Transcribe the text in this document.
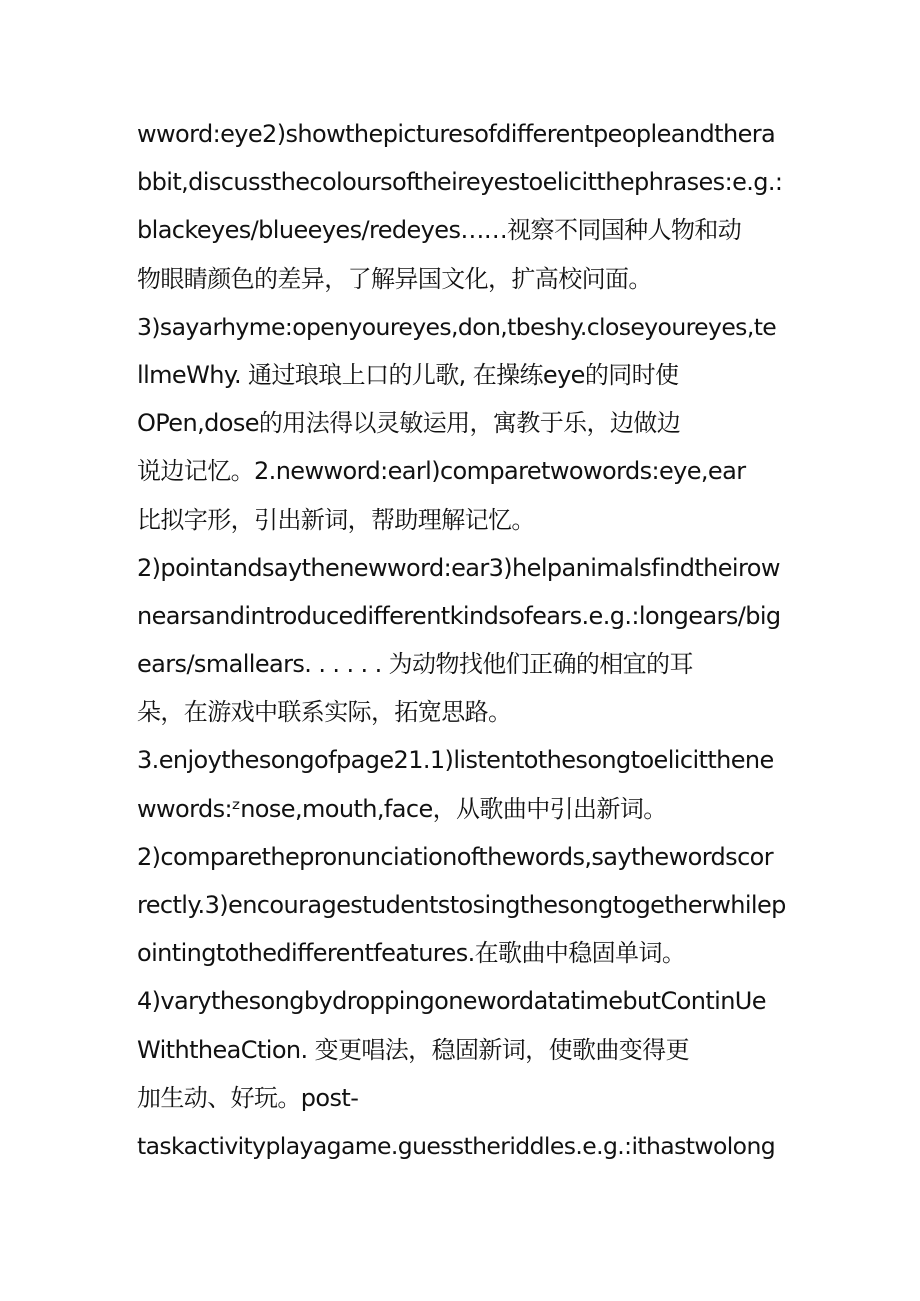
wword:eye2)showthepicturesofdifferentpeopleandthera
bbit,discussthecoloursoftheireyestoelicitthephrases:e.g.:
blackeyes/blueeyes/redeyes……视察不同国种人物和动
物眼睛颜色的差异，了解异国文化，扩高校问面。
3)sayarhyme:openyoureyes,don,tbeshy.closeyoureyes,te
llmeWhy. 通过琅琅上口的儿歌, 在操练eye的同时使
OPen,dose的用法得以灵敏运用，寓教于乐，边做边
说边记忆。2.newword:earl)comparetwowords:eye,ear
比拟字形，引出新词，帮助理解记忆。
2)pointandsaythenewword:ear3)helpanimalsfindtheirow
nearsandintroducedifferentkindsofears.e.g.:longears/big
ears/smallears. . . . . . 为动物找他们正确的相宜的耳
朵，在游戏中联系实际，拓宽思路。
3.enjoythesongofpage21.1)listentothesongtoelicitthene
wwords:ᶻnose,mouth,face，从歌曲中引出新词。
2)comparethepronunciationofthewords,saythewordscor
rectly.3)encouragestudentstosingthesongtogetherwhilep
ointingtothedifferentfeatures.在歌曲中稳固单词。
4)varythesongbydroppingonewordatatimebutContinUe
WiththeaCtion. 变更唱法，稳固新词，使歌曲变得更
加生动、好玩。post-
taskactivityplayagame.guesstheriddles.e.g.:ithastwolong
